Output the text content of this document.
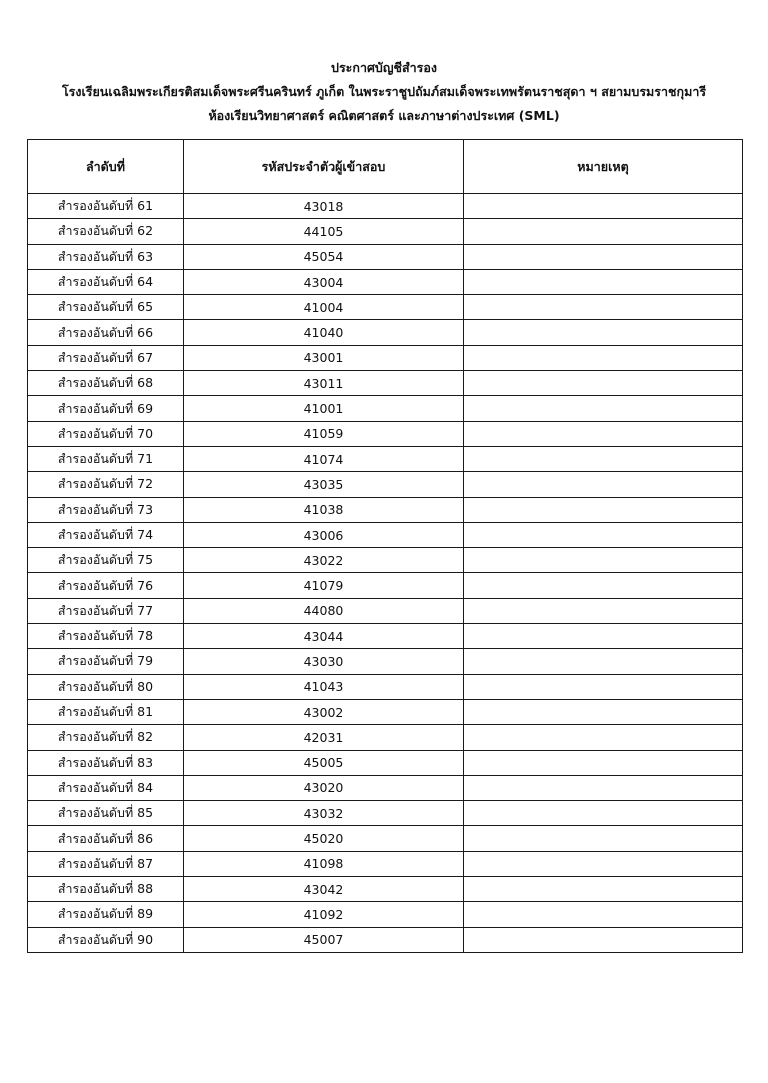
ประกาศบัญชีสำรอง
โรงเรียนเฉลิมพระเกียรติสมเด็จพระศรีนครินทร์ ภูเก็ต ในพระราชูปถัมภ์สมเด็จพระเทพรัตนราชสุดา ฯ สยามบรมราชกุมารี
ห้องเรียนวิทยาศาสตร์ คณิตศาสตร์ และภาษาต่างประเทศ (SML)
ลำดับที่	รหัสประจำตัวผู้เข้าสอบ	หมายเหตุ
สำรองอันดับที่ 61	43018	
สำรองอันดับที่ 62	44105	
สำรองอันดับที่ 63	45054	
สำรองอันดับที่ 64	43004	
สำรองอันดับที่ 65	41004	
สำรองอันดับที่ 66	41040	
สำรองอันดับที่ 67	43001	
สำรองอันดับที่ 68	43011	
สำรองอันดับที่ 69	41001	
สำรองอันดับที่ 70	41059	
สำรองอันดับที่ 71	41074	
สำรองอันดับที่ 72	43035	
สำรองอันดับที่ 73	41038	
สำรองอันดับที่ 74	43006	
สำรองอันดับที่ 75	43022	
สำรองอันดับที่ 76	41079	
สำรองอันดับที่ 77	44080	
สำรองอันดับที่ 78	43044	
สำรองอันดับที่ 79	43030	
สำรองอันดับที่ 80	41043	
สำรองอันดับที่ 81	43002	
สำรองอันดับที่ 82	42031	
สำรองอันดับที่ 83	45005	
สำรองอันดับที่ 84	43020	
สำรองอันดับที่ 85	43032	
สำรองอันดับที่ 86	45020	
สำรองอันดับที่ 87	41098	
สำรองอันดับที่ 88	43042	
สำรองอันดับที่ 89	41092	
สำรองอันดับที่ 90	45007	
